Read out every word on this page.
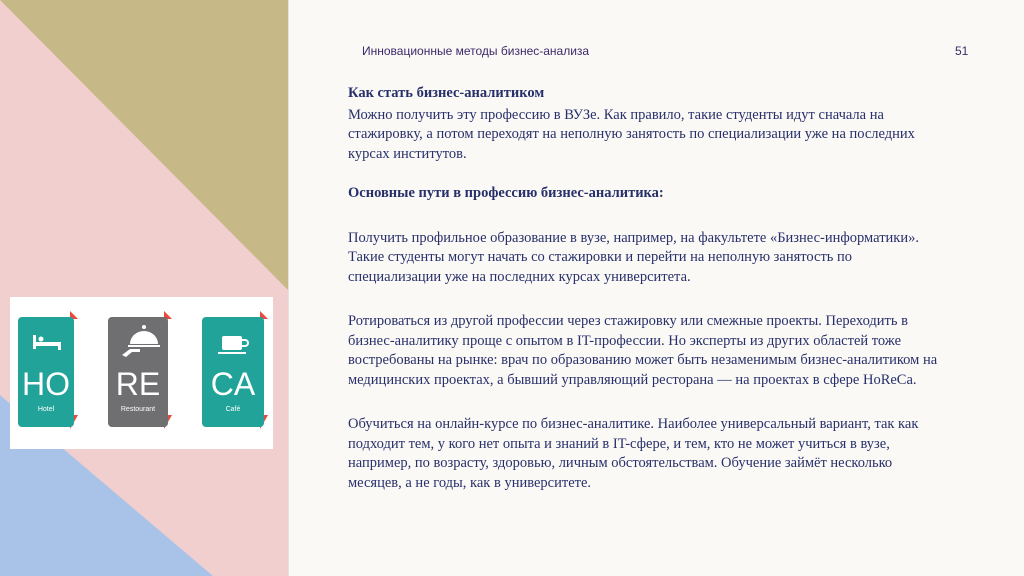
HO
Hotel
RE
Restourant
CA
Café
Инновационные методы бизнес-анализа	51

Как стать бизнес-аналитиком

Можно получить эту профессию в ВУЗе. Как правило, такие студенты идут сначала на стажировку, а потом переходят на неполную занятость по специализации уже на последних курсах институтов.

Основные пути в профессию бизнес-аналитика:

Получить профильное образование в вузе, например, на факультете «Бизнес-информатики». Такие студенты могут начать со стажировки и перейти на неполную занятость по специализации уже на последних курсах университета.

Ротироваться из другой профессии через стажировку или смежные проекты. Переходить в бизнес-аналитику проще с опытом в IT-профессии. Но эксперты из других областей тоже востребованы на рынке: врач по образованию может быть незаменимым бизнес-аналитиком на медицинских проектах, а бывший управляющий ресторана — на проектах в сфере HoReCa.

Обучиться на онлайн-курсе по бизнес-аналитике. Наиболее универсальный вариант, так как подходит тем, у кого нет опыта и знаний в IT-сфере, и тем, кто не может учиться в вузе, например, по возрасту, здоровью, личным обстоятельствам. Обучение займёт несколько месяцев, а не годы, как в университете.
